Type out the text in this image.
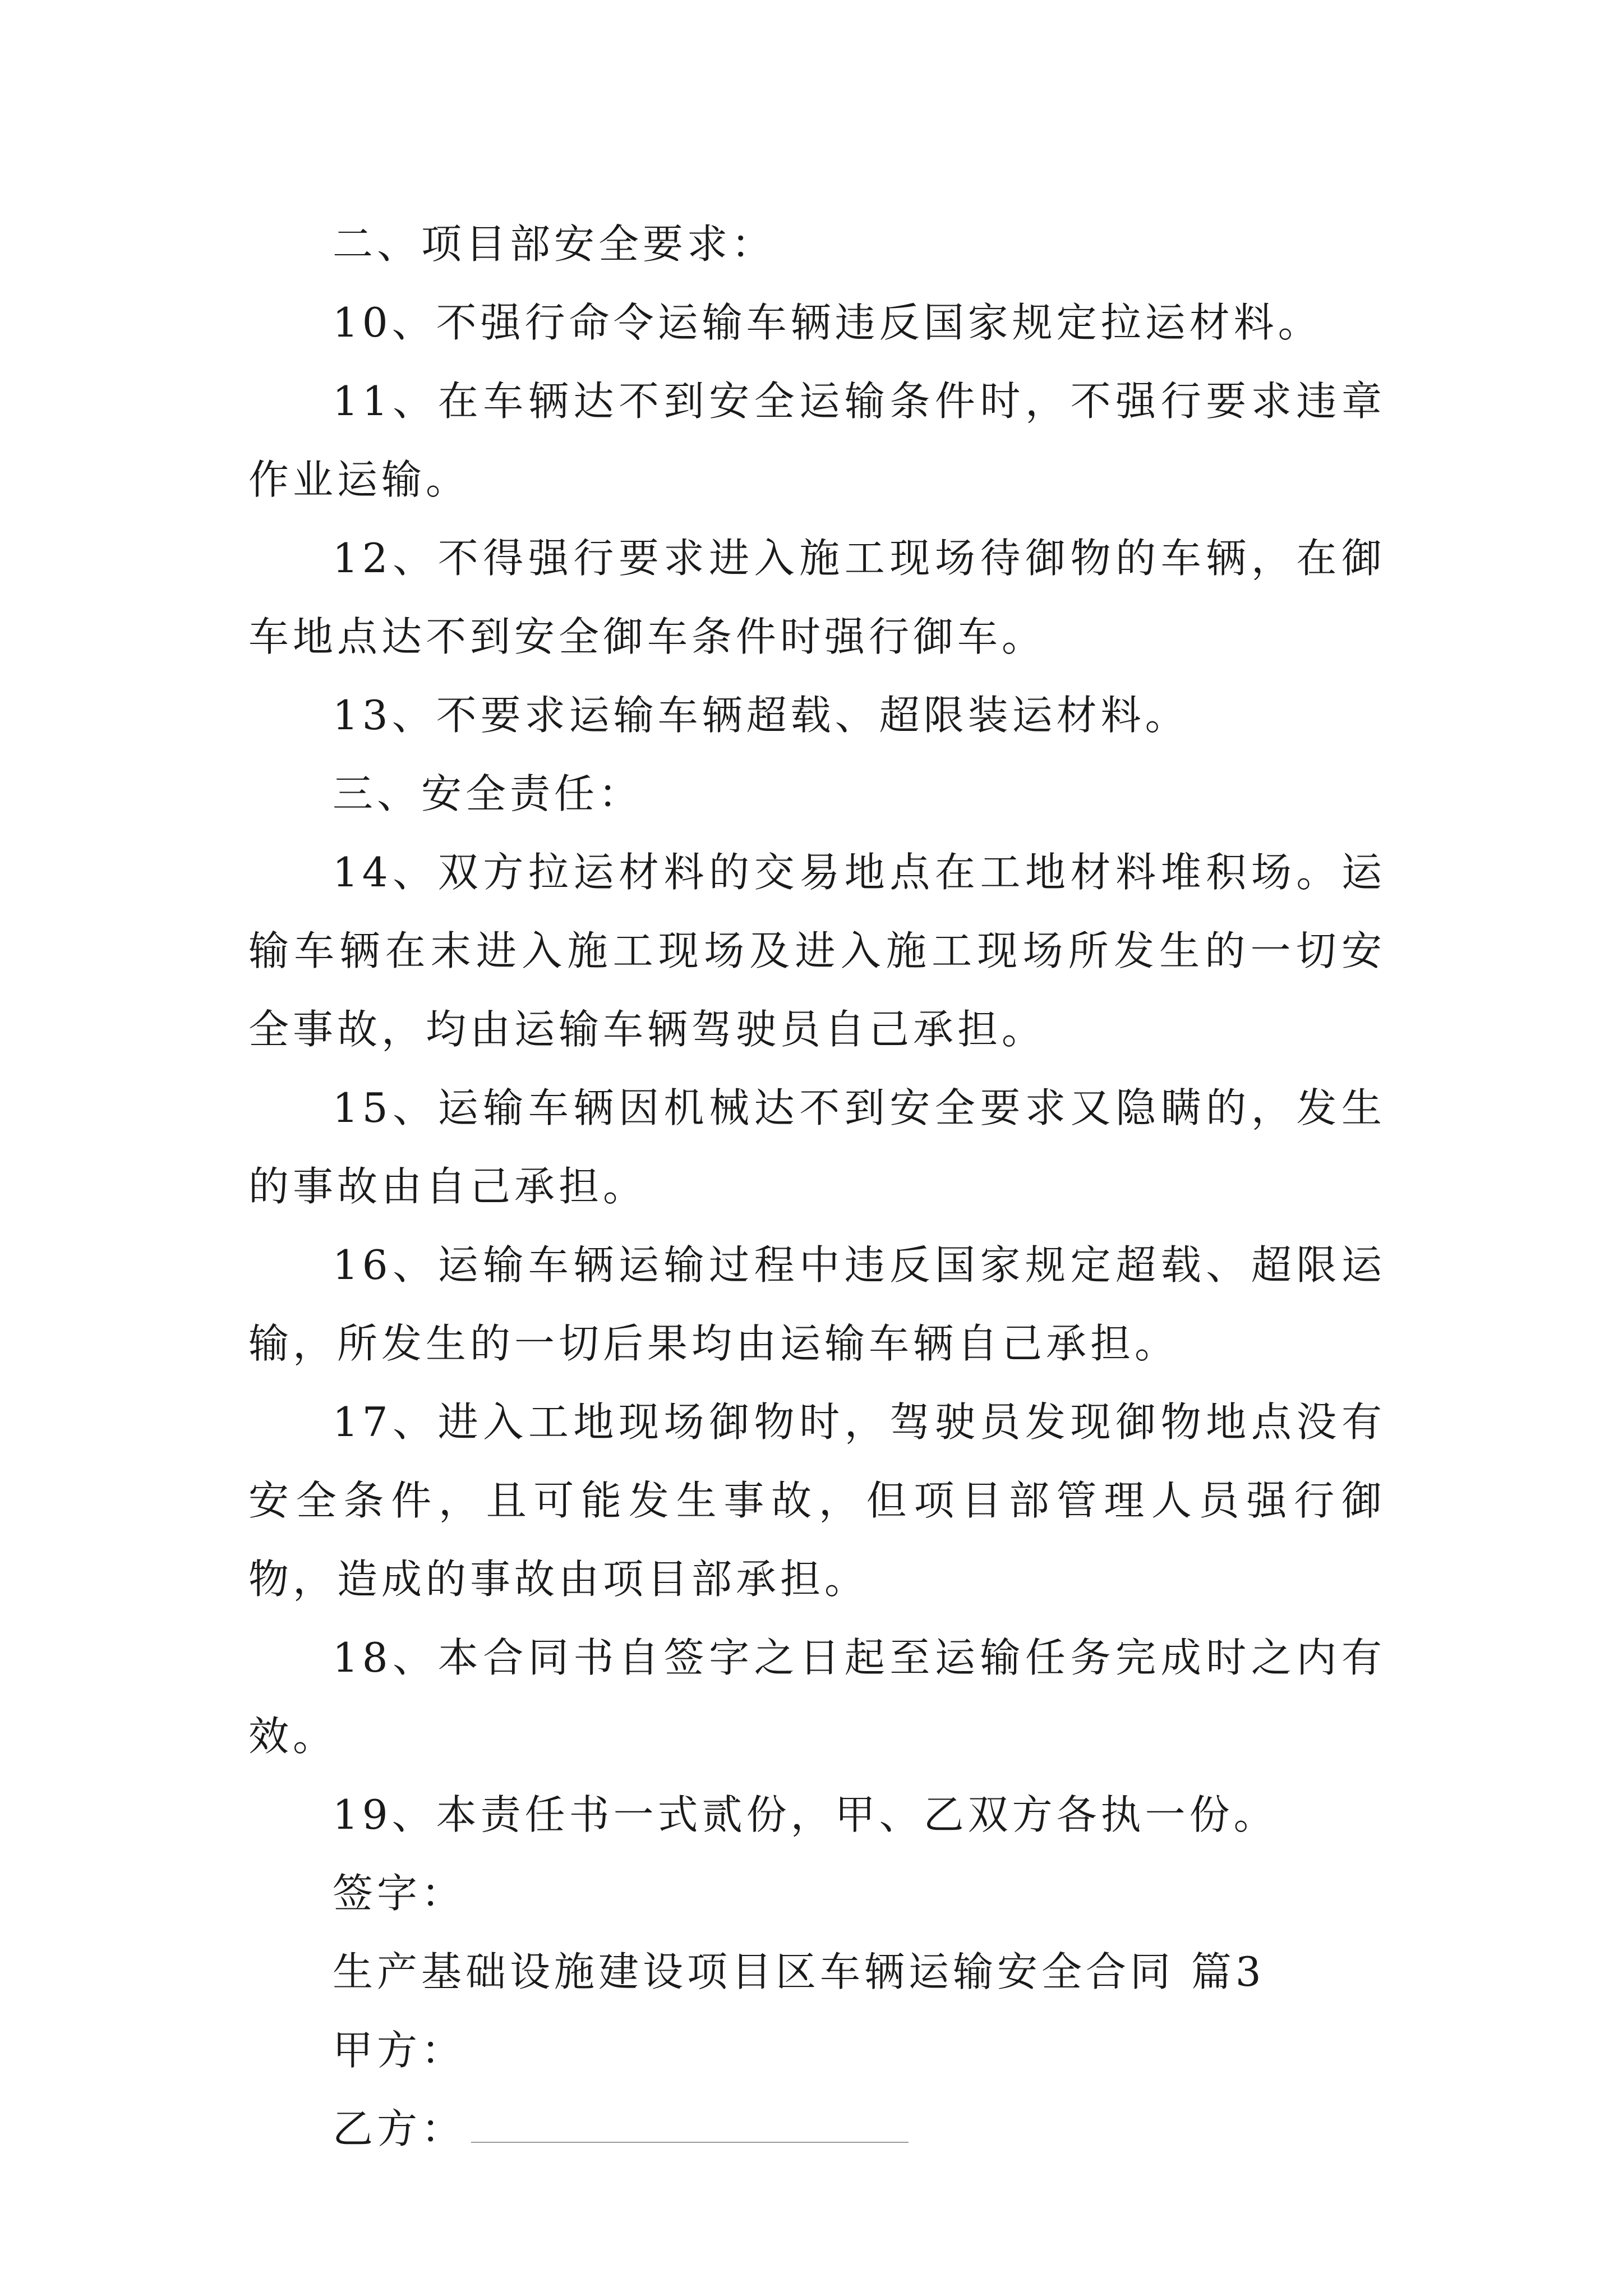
二、项目部安全要求：

10、不强行命令运输车辆违反国家规定拉运材料。

11、在车辆达不到安全运输条件时，不强行要求违章作业运输。

12、不得强行要求进入施工现场待御物的车辆，在御车地点达不到安全御车条件时强行御车。

13、不要求运输车辆超载、超限装运材料。

三、安全责任：

14、双方拉运材料的交易地点在工地材料堆积场。运输车辆在末进入施工现场及进入施工现场所发生的一切安全事故，均由运输车辆驾驶员自己承担。

15、运输车辆因机械达不到安全要求又隐瞒的，发生的事故由自己承担。

16、运输车辆运输过程中违反国家规定超载、超限运输，所发生的一切后果均由运输车辆自己承担。

17、进入工地现场御物时，驾驶员发现御物地点没有安全条件，且可能发生事故，但项目部管理人员强行御物，造成的事故由项目部承担。

18、本合同书自签字之日起至运输任务完成时之内有效。

19、本责任书一式贰份，甲、乙双方各执一份。

签字：

生产基础设施建设项目区车辆运输安全合同 篇3

甲方：

乙方：
